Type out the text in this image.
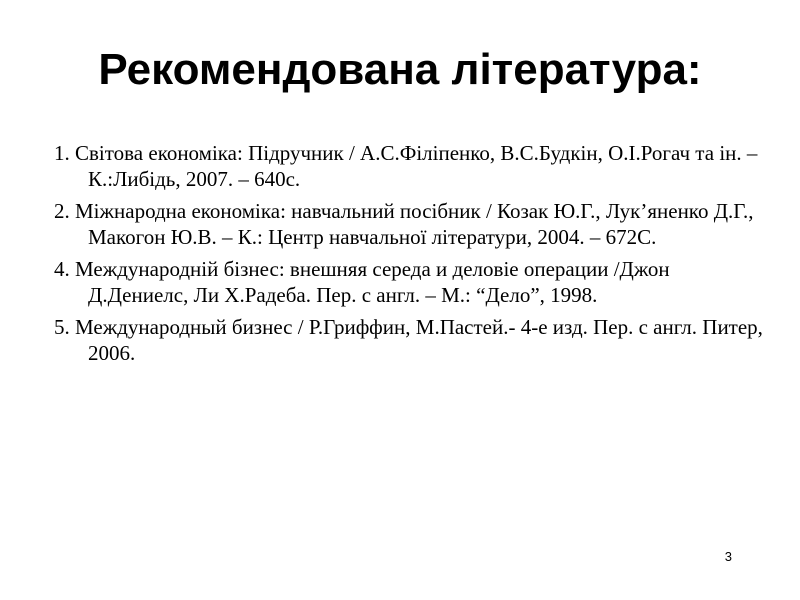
Рекомендована література:
1. Світова економіка: Підручник / А.С.Філіпенко, В.С.Будкін, О.І.Рогач та ін. – К.:Либідь, 2007. – 640с.
2. Міжнародна економіка: навчальний посібник / Козак Ю.Г., Лук’яненко Д.Г., Макогон Ю.В. – К.: Центр навчальної літератури, 2004. – 672С.
4. Международній бізнес: внешняя середа и деловіе операции /Джон Д.Дениелс, Ли Х.Радеба. Пер. с англ. – М.: “Дело”, 1998.
5. Международный бизнес / Р.Гриффин, М.Пастей.- 4-е изд. Пер. с англ. Питер, 2006.
3
